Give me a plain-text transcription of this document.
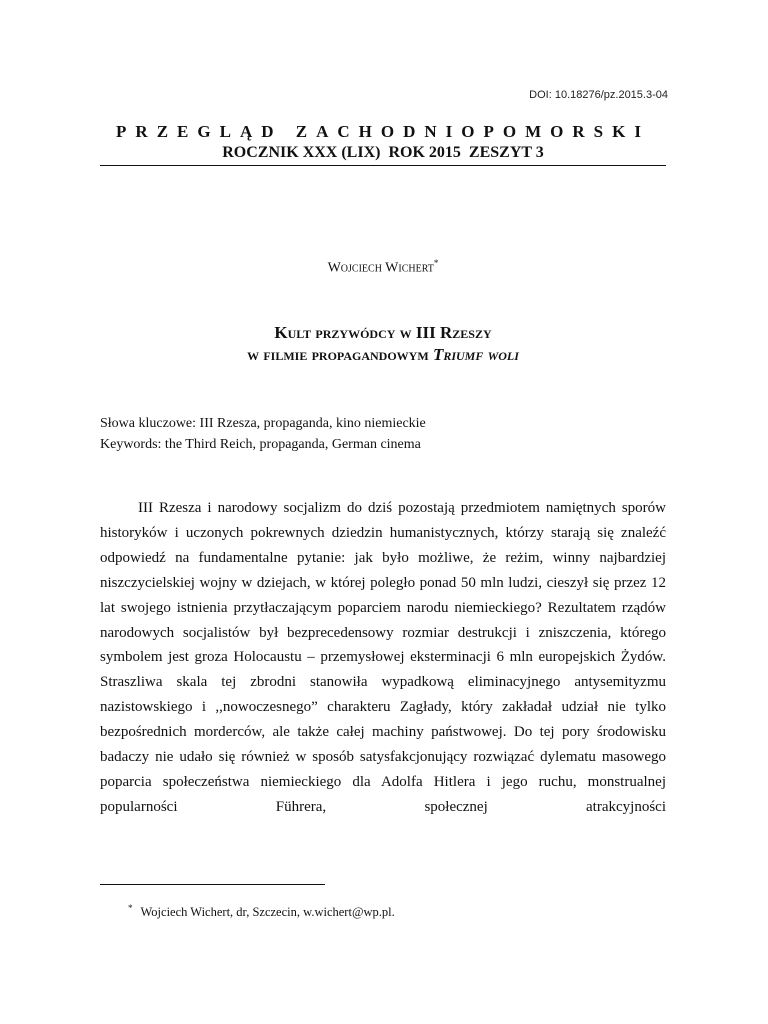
DOI: 10.18276/pz.2015.3-04
PRZEGLĄD ZACHODNIOPOMORSKI
ROCZNIK XXX (LIX)  ROK 2015  ZESZYT 3
Wojciech Wichert*
Kult przywódcy w III Rzeszy
w filmie propagandowym Triumf woli
Słowa kluczowe: III Rzesza, propaganda, kino niemieckie
Keywords: the Third Reich, propaganda, German cinema
III Rzesza i narodowy socjalizm do dziś pozostają przedmiotem namiętnych sporów historyków i uczonych pokrewnych dziedzin humanistycznych, którzy starają się znaleźć odpowiedź na fundamentalne pytanie: jak było możliwe, że reżim, winny najbardziej niszczycielskiej wojny w dziejach, w której poległo ponad 50 mln ludzi, cieszył się przez 12 lat swojego istnienia przytłaczającym poparciem narodu niemieckiego? Rezultatem rządów narodowych socjalistów był bezprecedensowy rozmiar destrukcji i zniszczenia, którego symbolem jest groza Holocaustu – przemysłowej eksterminacji 6 mln europejskich Żydów. Straszliwa skala tej zbrodni stanowiła wypadkową eliminacyjnego antysemityzmu nazistowskiego i ,,nowoczesnego” charakteru Zagłady, który zakładał udział nie tylko bezpośrednich morderców, ale także całej machiny państwowej. Do tej pory środowisku badaczy nie udało się również w sposób satysfakcjonujący rozwiązać dylematu masowego poparcia społeczeństwa niemieckiego dla Adolfa Hitlera i jego ruchu, monstrualnej popularności Führera, społecznej atrakcyjności
* Wojciech Wichert, dr, Szczecin, w.wichert@wp.pl.
